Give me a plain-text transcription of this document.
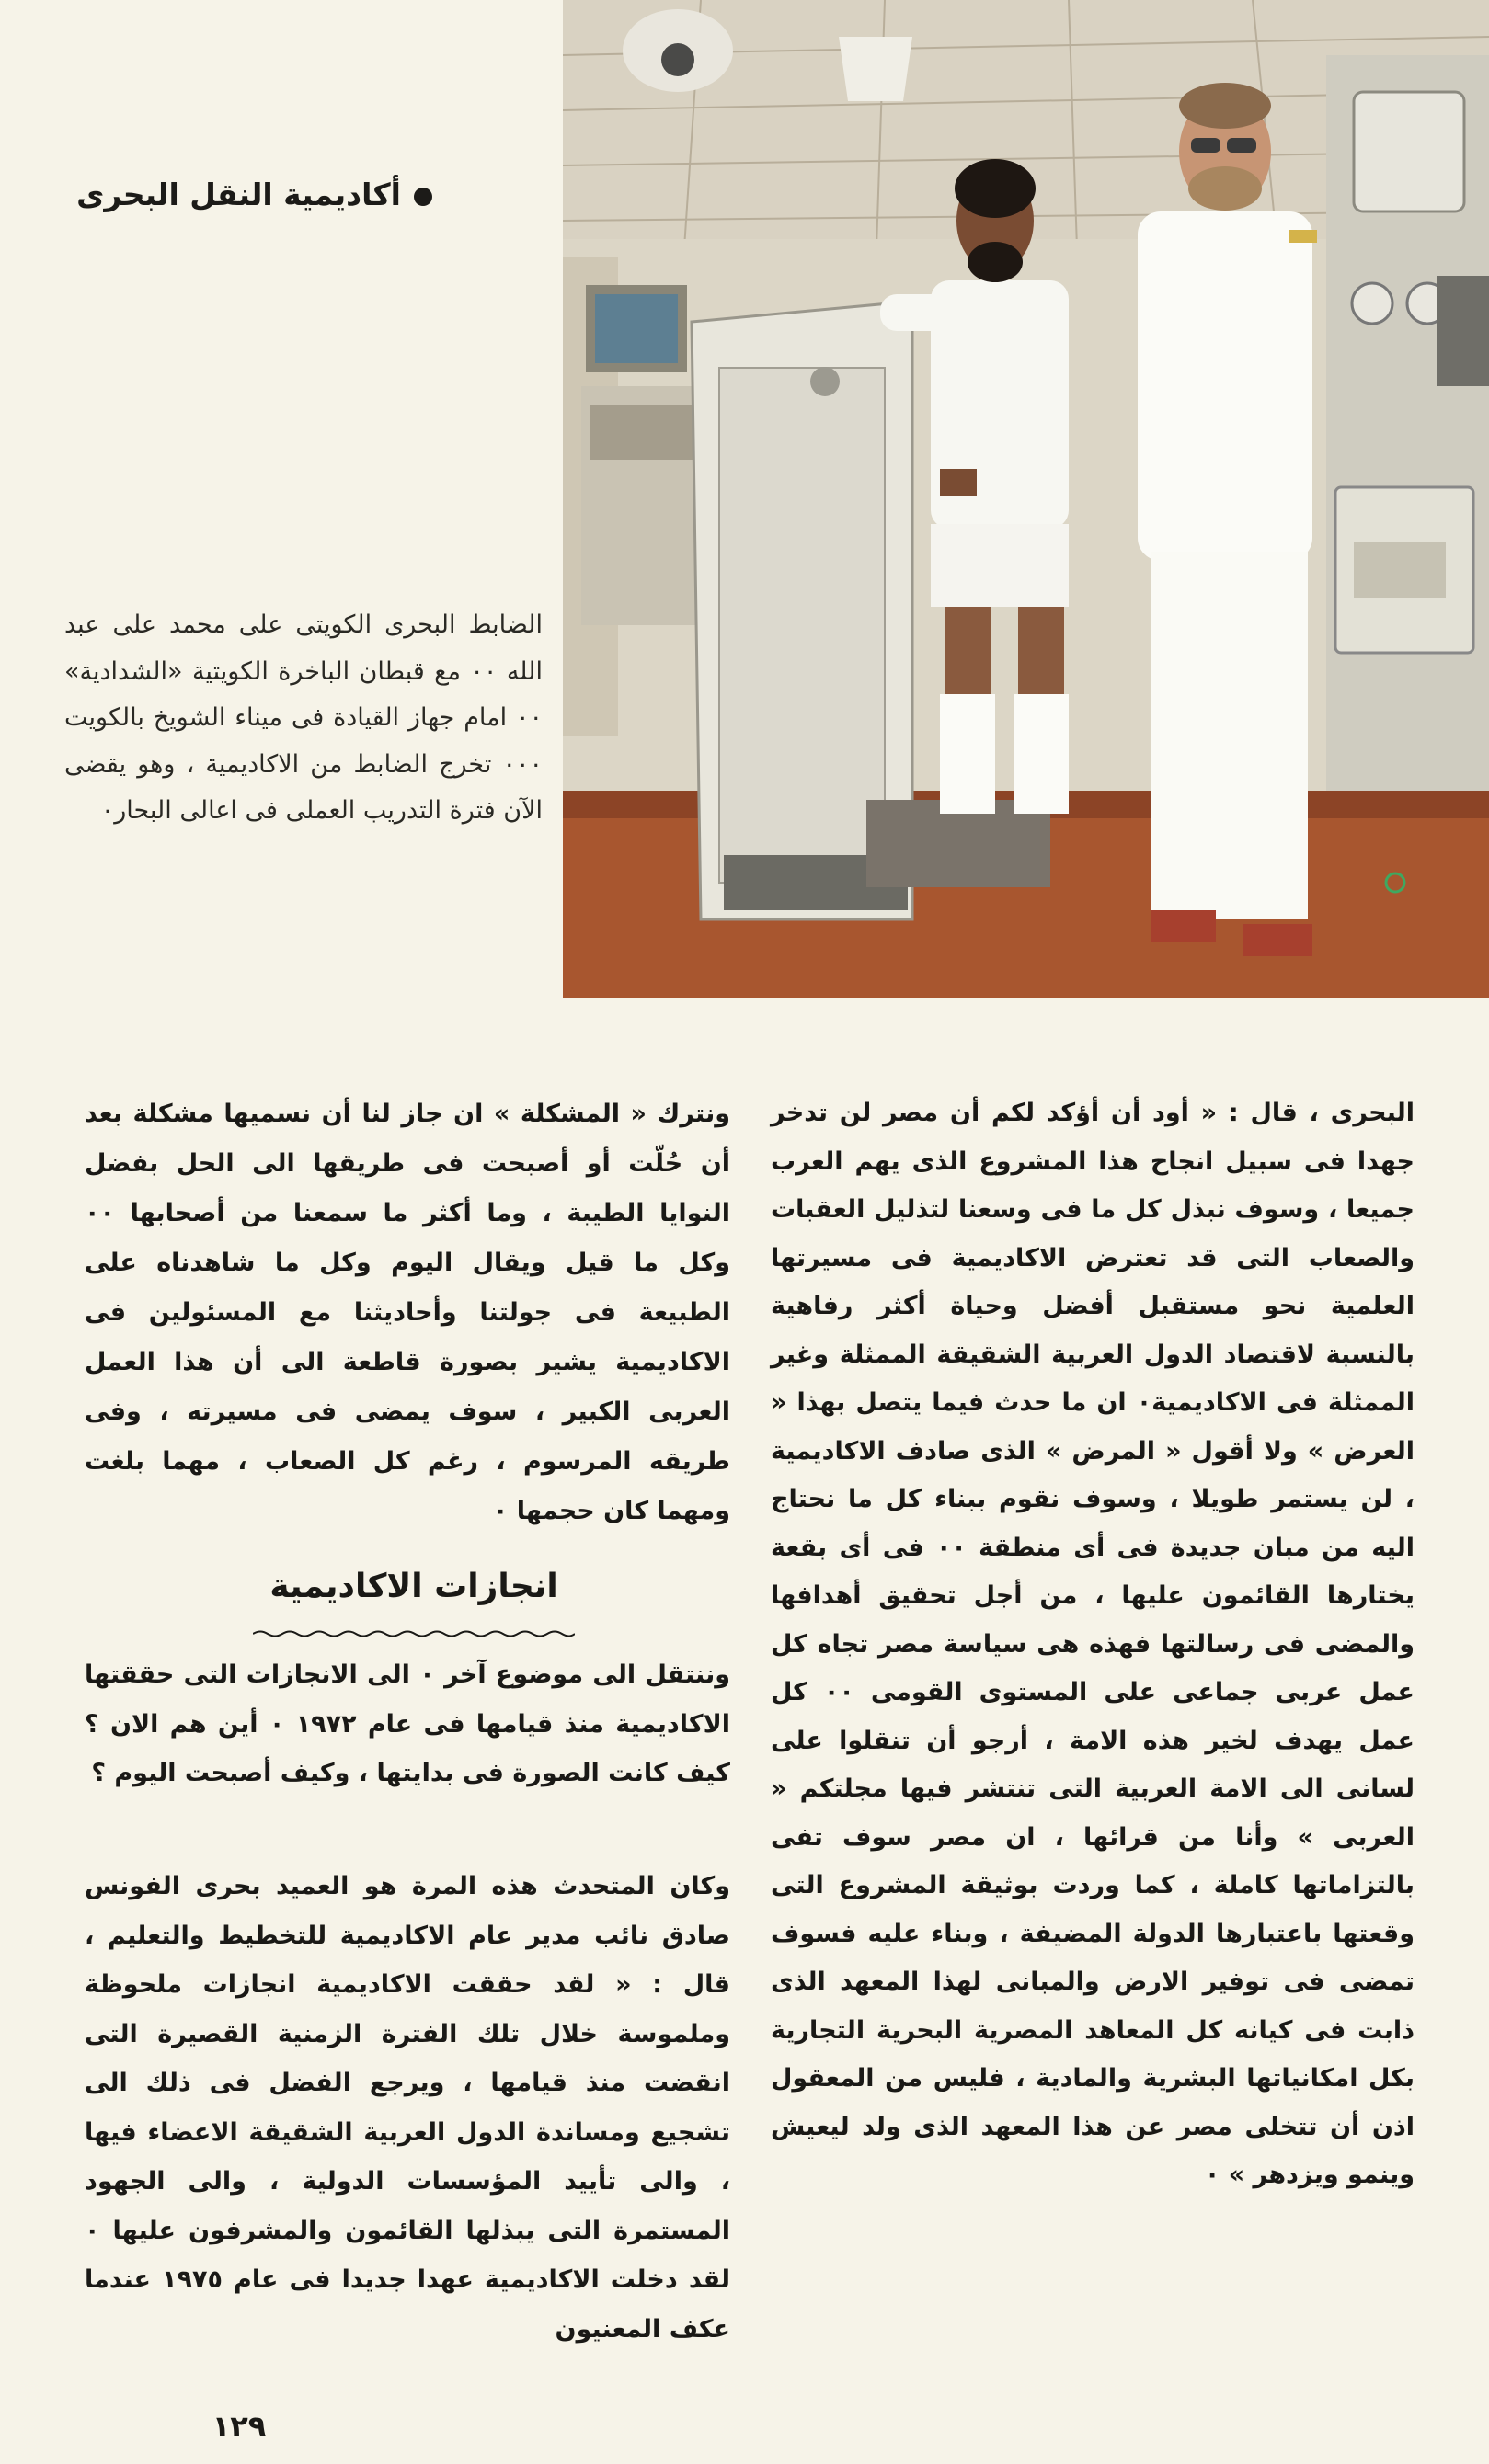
أكاديمية النقل البحرى
الضابط البحرى الكويتى على محمد على عبد الله ٠٠ مع قبطان الباخرة الكويتية «الشدادية» ٠٠ امام جهاز القيادة فى ميناء الشويخ بالكويت ٠٠٠ تخرج الضابط من الاكاديمية ، وهو يقضى الآن فترة التدريب العملى فى اعالى البحار٠

البحرى ، قال : « أود أن أؤكد لكم أن مصر لن تدخر جهدا فى سبيل انجاح هذا المشروع الذى يهم العرب جميعا ، وسوف نبذل كل ما فى وسعنا لتذليل العقبات والصعاب التى قد تعترض الاكاديمية فى مسيرتها العلمية نحو مستقبل أفضل وحياة أكثر رفاهية بالنسبة لاقتصاد الدول العربية الشقيقة الممثلة وغير الممثلة فى الاكاديمية٠ ان ما حدث فيما يتصل بهذا « العرض » ولا أقول « المرض » الذى صادف الاكاديمية ، لن يستمر طويلا ، وسوف نقوم ببناء كل ما نحتاج اليه من مبان جديدة فى أى منطقة ٠٠ فى أى بقعة يختارها القائمون عليها ، من أجل تحقيق أهدافها والمضى فى رسالتها فهذه هى سياسة مصر تجاه كل عمل عربى جماعى على المستوى القومى ٠٠ كل عمل يهدف لخير هذه الامة ، أرجو أن تنقلوا على لسانى الى الامة العربية التى تنتشر فيها مجلتكم « العربى » وأنا من قرائها ، ان مصر سوف تفى بالتزاماتها كاملة ، كما وردت بوثيقة المشروع التى وقعتها باعتبارها الدولة المضيفة ، وبناء عليه فسوف تمضى فى توفير الارض والمبانى لهذا المعهد الذى ذابت فى كيانه كل المعاهد المصرية البحرية التجارية بكل امكانياتها البشرية والمادية ، فليس من المعقول اذن أن تتخلى مصر عن هذا المعهد الذى ولد ليعيش وينمو ويزدهر » ٠

ونترك « المشكلة » ان جاز لنا أن نسميها مشكلة بعد أن حُلّت أو أصبحت فى طريقها الى الحل بفضل النوايا الطيبة ، وما أكثر ما سمعنا من أصحابها ٠٠ وكل ما قيل ويقال اليوم وكل ما شاهدناه على الطبيعة فى جولتنا وأحاديثنا مع المسئولين فى الاكاديمية يشير بصورة قاطعة الى أن هذا العمل العربى الكبير ، سوف يمضى فى مسيرته ، وفى طريقه المرسوم ، رغم كل الصعاب ، مهما بلغت ومهما كان حجمها ٠

انجازات الاكاديمية

وننتقل الى موضوع آخر ٠ الى الانجازات التى حققتها الاكاديمية منذ قيامها فى عام ١٩٧٢ ٠ أين هم الان ؟ كيف كانت الصورة فى بدايتها ، وكيف أصبحت اليوم ؟

وكان المتحدث هذه المرة هو العميد بحرى الفونس صادق نائب مدير عام الاكاديمية للتخطيط والتعليم ، قال : « لقد حققت الاكاديمية انجازات ملحوظة وملموسة خلال تلك الفترة الزمنية القصيرة التى انقضت منذ قيامها ، ويرجع الفضل فى ذلك الى تشجيع ومساندة الدول العربية الشقيقة الاعضاء فيها ، والى تأييد المؤسسات الدولية ، والى الجهود المستمرة التى يبذلها القائمون والمشرفون عليها ٠ لقد دخلت الاكاديمية عهدا جديدا فى عام ١٩٧٥ عندما عكف المعنيون

١٢٩
